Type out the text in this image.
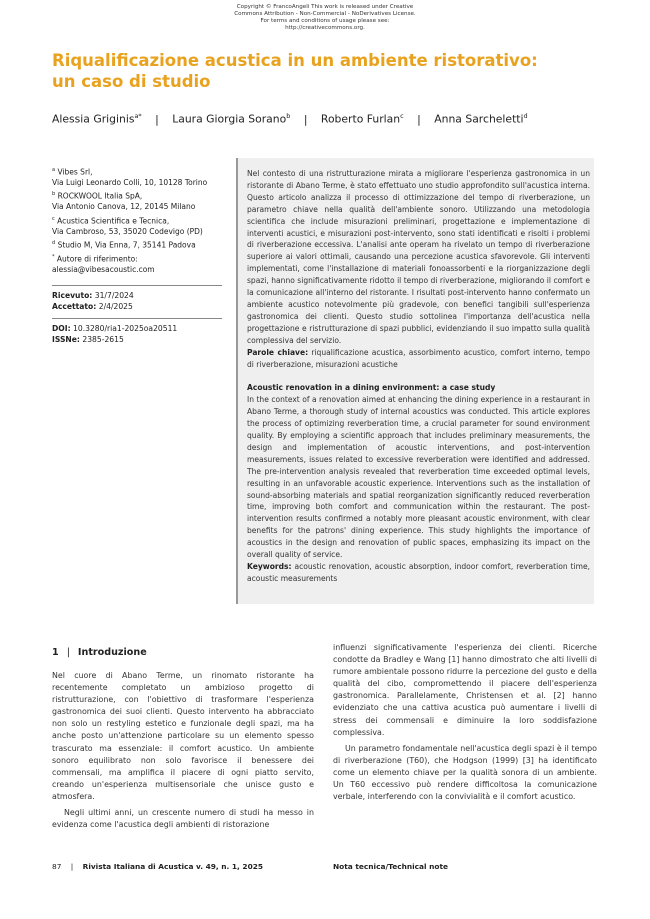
Copyright © FrancoAngeli This work is released under Creative
Commons Attribution - Non-Commercial - NoDerivatives License.
For terms and conditions of usage please see:
http://creativecommons.org.
Riqualificazione acustica in un ambiente ristorativo:
un caso di studio
Alessia Griginis$^{a*}$ | Laura Giorgia Sorano$^b$ | Roberto Furlan$^c$ | Anna Sarcheletti$^d$

$^a$ Vibes Srl,
Via Luigi Leonardo Colli, 10, 10128 Torino

$^b$ ROCKWOOL Italia SpA,
Via Antonio Canova, 12, 20145 Milano

$^c$ Acustica Scientifica e Tecnica,
Via Cambroso, 53, 35020 Codevigo (PD)

$^d$ Studio M, Via Enna, 7, 35141 Padova

* Autore di riferimento:
alessia@vibesacoustic.com

Ricevuto: 31/7/2024
Accettato: 2/4/2025
DOI: 10.3280/ria1-2025oa20511
ISSNe: 2385-2615

Nel contesto di una ristrutturazione mirata a migliorare l'esperienza gastronomica in un ristorante di Abano Terme, è stato effettuato uno studio approfondito sull'acustica interna. Questo articolo analizza il processo di ottimizzazione del tempo di riverberazione, un parametro chiave nella qualità dell'ambiente sonoro. Utilizzando una metodologia scientifica che include misurazioni preliminari, progettazione e implementazione di interventi acustici, e misurazioni post-intervento, sono stati identificati e risolti i problemi di riverberazione eccessiva. L'analisi ante operam ha rivelato un tempo di riverberazione superiore ai valori ottimali, causando una percezione acustica sfavorevole. Gli interventi implementati, come l'installazione di materiali fonoassorbenti e la riorganizzazione degli spazi, hanno significativamente ridotto il tempo di riverberazione, migliorando il comfort e la comunicazione all'interno del ristorante. I risultati post-intervento hanno confermato un ambiente acustico notevolmente più gradevole, con benefici tangibili sull'esperienza gastronomica dei clienti. Questo studio sottolinea l'importanza dell'acustica nella progettazione e ristrutturazione di spazi pubblici, evidenziando il suo impatto sulla qualità complessiva del servizio.

Parole chiave: riqualificazione acustica, assorbimento acustico, comfort interno, tempo di riverberazione, misurazioni acustiche

Acoustic renovation in a dining environment: a case study

In the context of a renovation aimed at enhancing the dining experience in a restaurant in Abano Terme, a thorough study of internal acoustics was conducted. This article explores the process of optimizing reverberation time, a crucial parameter for sound environment quality. By employing a scientific approach that includes preliminary measurements, the design and implementation of acoustic interventions, and post-intervention measurements, issues related to excessive reverberation were identified and addressed. The pre-intervention analysis revealed that reverberation time exceeded optimal levels, resulting in an unfavorable acoustic experience. Interventions such as the installation of sound-absorbing materials and spatial reorganization significantly reduced reverberation time, improving both comfort and communication within the restaurant. The post-intervention results confirmed a notably more pleasant acoustic environment, with clear benefits for the patrons' dining experience. This study highlights the importance of acoustics in the design and renovation of public spaces, emphasizing its impact on the overall quality of service.

Keywords: acoustic renovation, acoustic absorption, indoor comfort, reverberation time, acoustic measurements

1 | Introduzione

Nel cuore di Abano Terme, un rinomato ristorante ha recentemente completato un ambizioso progetto di ristrutturazione, con l'obiettivo di trasformare l'esperienza gastronomica dei suoi clienti. Questo intervento ha abbracciato non solo un restyling estetico e funzionale degli spazi, ma ha anche posto un'attenzione particolare su un elemento spesso trascurato ma essenziale: il comfort acustico. Un ambiente sonoro equilibrato non solo favorisce il benessere dei commensali, ma amplifica il piacere di ogni piatto servito, creando un'esperienza multisensoriale che unisce gusto e atmosfera.

Negli ultimi anni, un crescente numero di studi ha messo in evidenza come l'acustica degli ambienti di ristorazione

influenzi significativamente l'esperienza dei clienti. Ricerche condotte da Bradley e Wang [1] hanno dimostrato che alti livelli di rumore ambientale possono ridurre la percezione del gusto e della qualità del cibo, compromettendo il piacere dell'esperienza gastronomica. Parallelamente, Christensen et al. [2] hanno evidenziato che una cattiva acustica può aumentare i livelli di stress dei commensali e diminuire la loro soddisfazione complessiva.

Un parametro fondamentale nell'acustica degli spazi è il tempo di riverberazione (T60), che Hodgson (1999) [3] ha identificato come un elemento chiave per la qualità sonora di un ambiente. Un T60 eccessivo può rendere difficoltosa la comunicazione verbale, interferendo con la convivialità e il comfort acustico.

87 | Rivista Italiana di Acustica v. 49, n. 1, 2025	Nota tecnica/Technical note
